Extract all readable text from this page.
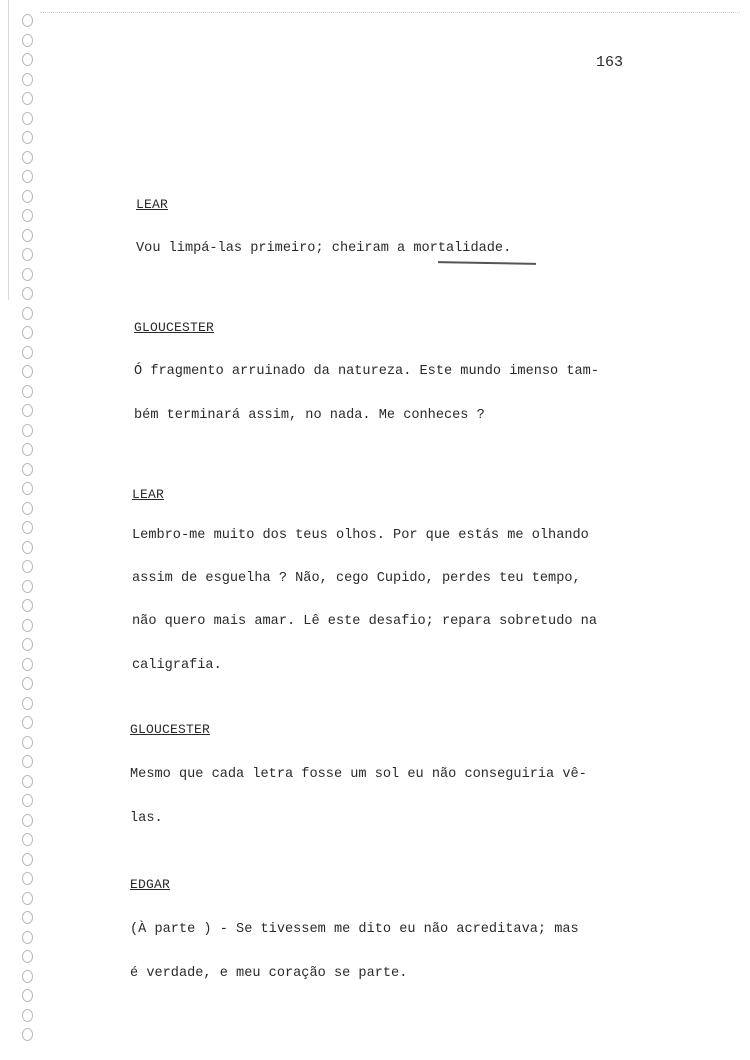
163
LEAR
Vou limpá-las primeiro; cheiram a mortalidade.
GLOUCESTER
Ó fragmento arruinado da natureza. Este mundo imenso tam-
bém terminará assim, no nada. Me conheces ?
LEAR
Lembro-me muito dos teus olhos. Por que estás me olhando
assim de esguelha ? Não, cego Cupido, perdes teu tempo,
não quero mais amar. Lê este desafio; repara sobretudo na
caligrafia.
GLOUCESTER
Mesmo que cada letra fosse um sol eu não conseguiria vê-
las.
EDGAR
(À parte ) - Se tivessem me dito eu não acreditava; mas
é verdade, e meu coração se parte.
